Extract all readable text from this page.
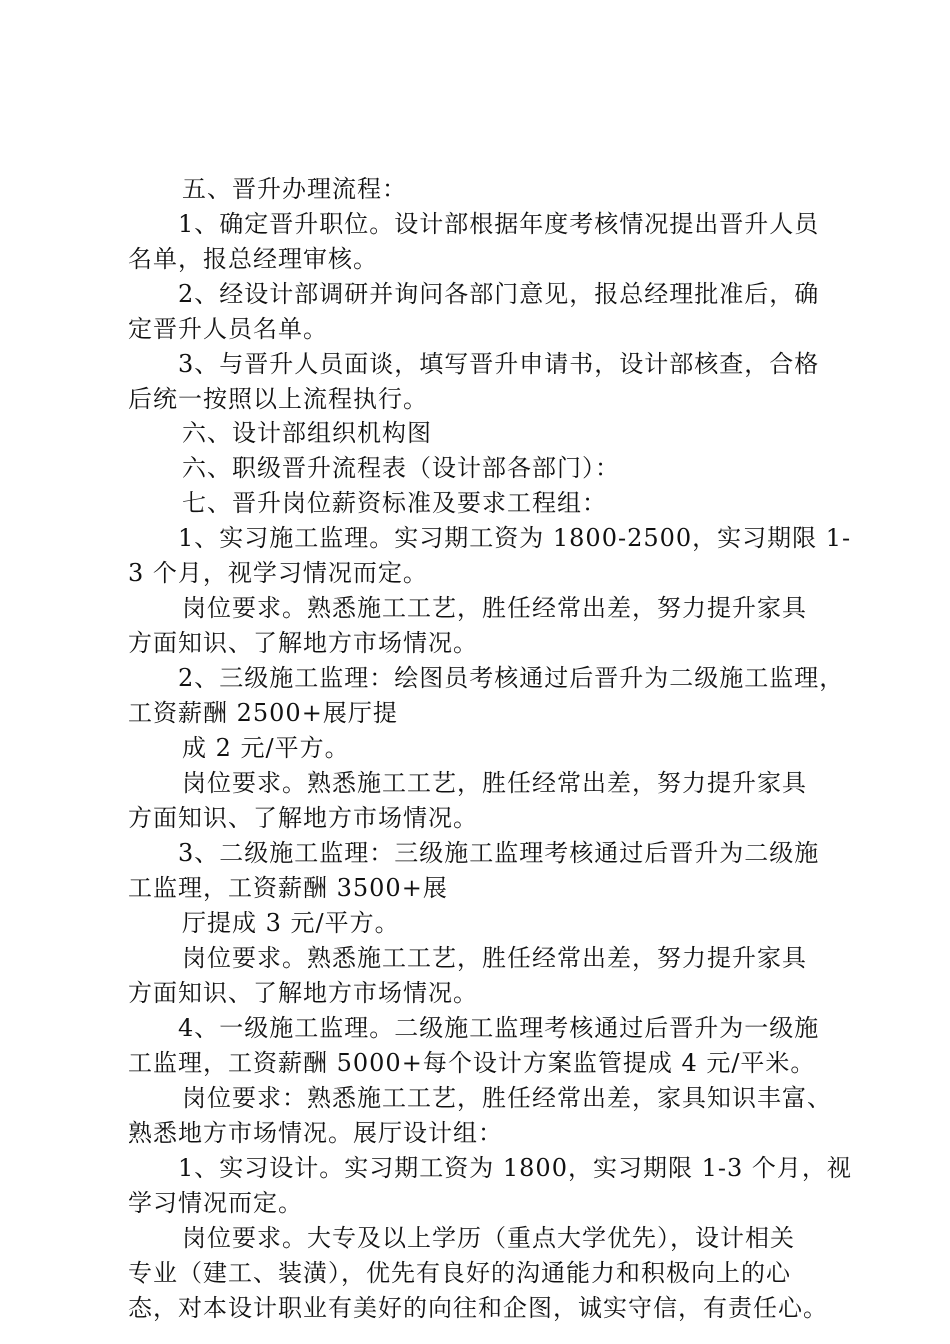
五、晋升办理流程：
1、确定晋升职位。设计部根据年度考核情况提出晋升人员
名单，报总经理审核。
2、经设计部调研并询问各部门意见，报总经理批准后，确
定晋升人员名单。
3、与晋升人员面谈，填写晋升申请书，设计部核查，合格
后统一按照以上流程执行。
六、设计部组织机构图
六、职级晋升流程表（设计部各部门）：
七、晋升岗位薪资标准及要求工程组：
1、实习施工监理。实习期工资为 1800-2500，实习期限 1-
3 个月，视学习情况而定。
岗位要求。熟悉施工工艺，胜任经常出差，努力提升家具
方面知识、了解地方市场情况。
2、三级施工监理：绘图员考核通过后晋升为二级施工监理，
工资薪酬 2500+展厅提
成 2 元/平方。
岗位要求。熟悉施工工艺，胜任经常出差，努力提升家具
方面知识、了解地方市场情况。
3、二级施工监理：三级施工监理考核通过后晋升为二级施
工监理，工资薪酬 3500+展
厅提成 3 元/平方。
岗位要求。熟悉施工工艺，胜任经常出差，努力提升家具
方面知识、了解地方市场情况。
4、一级施工监理。二级施工监理考核通过后晋升为一级施
工监理，工资薪酬 5000+每个设计方案监管提成 4 元/平米。
岗位要求：熟悉施工工艺，胜任经常出差，家具知识丰富、
熟悉地方市场情况。展厅设计组：
1、实习设计。实习期工资为 1800，实习期限 1-3 个月，视
学习情况而定。
岗位要求。大专及以上学历（重点大学优先），设计相关
专业（建工、装潢），优先有良好的沟通能力和积极向上的心
态，对本设计职业有美好的向往和企图，诚实守信，有责任心。
